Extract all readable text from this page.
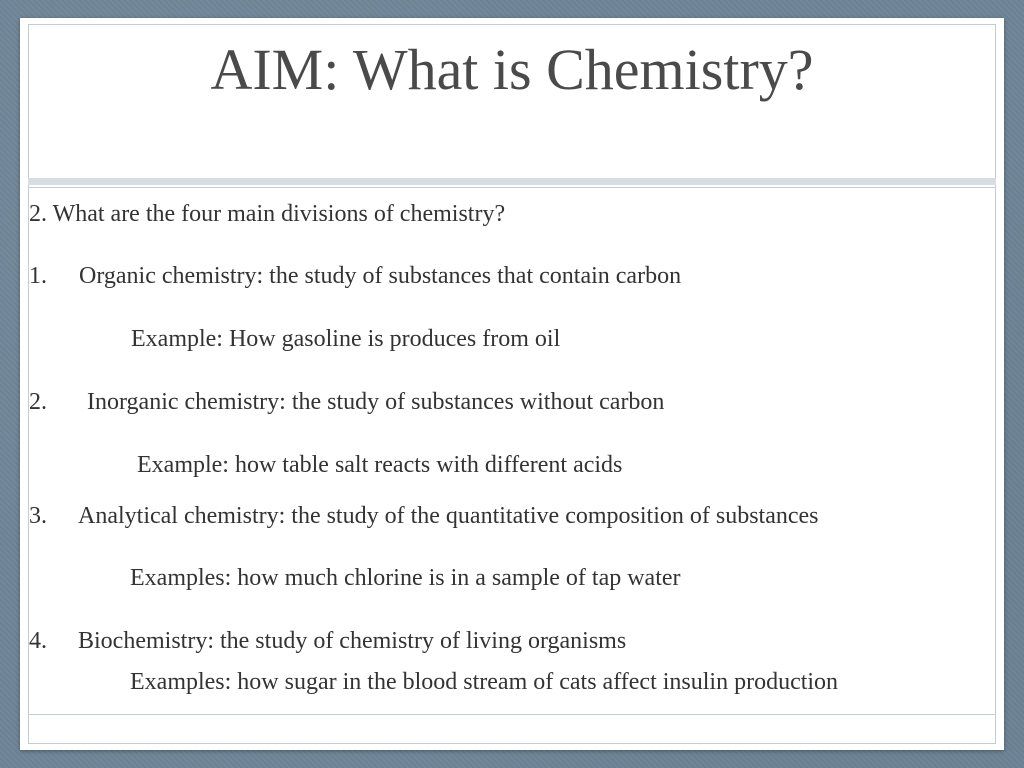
AIM: What is Chemistry?
2. What are the four main divisions of chemistry?
1. Organic chemistry: the study of substances that contain carbon
Example: How gasoline is produces from oil
2. Inorganic chemistry: the study of substances without carbon
Example: how table salt reacts with different acids
3. Analytical chemistry: the study of the quantitative composition of substances
Examples: how much chlorine is in a sample of tap water
4. Biochemistry: the study of chemistry of living organisms
Examples: how sugar in the blood stream of cats affect insulin production
